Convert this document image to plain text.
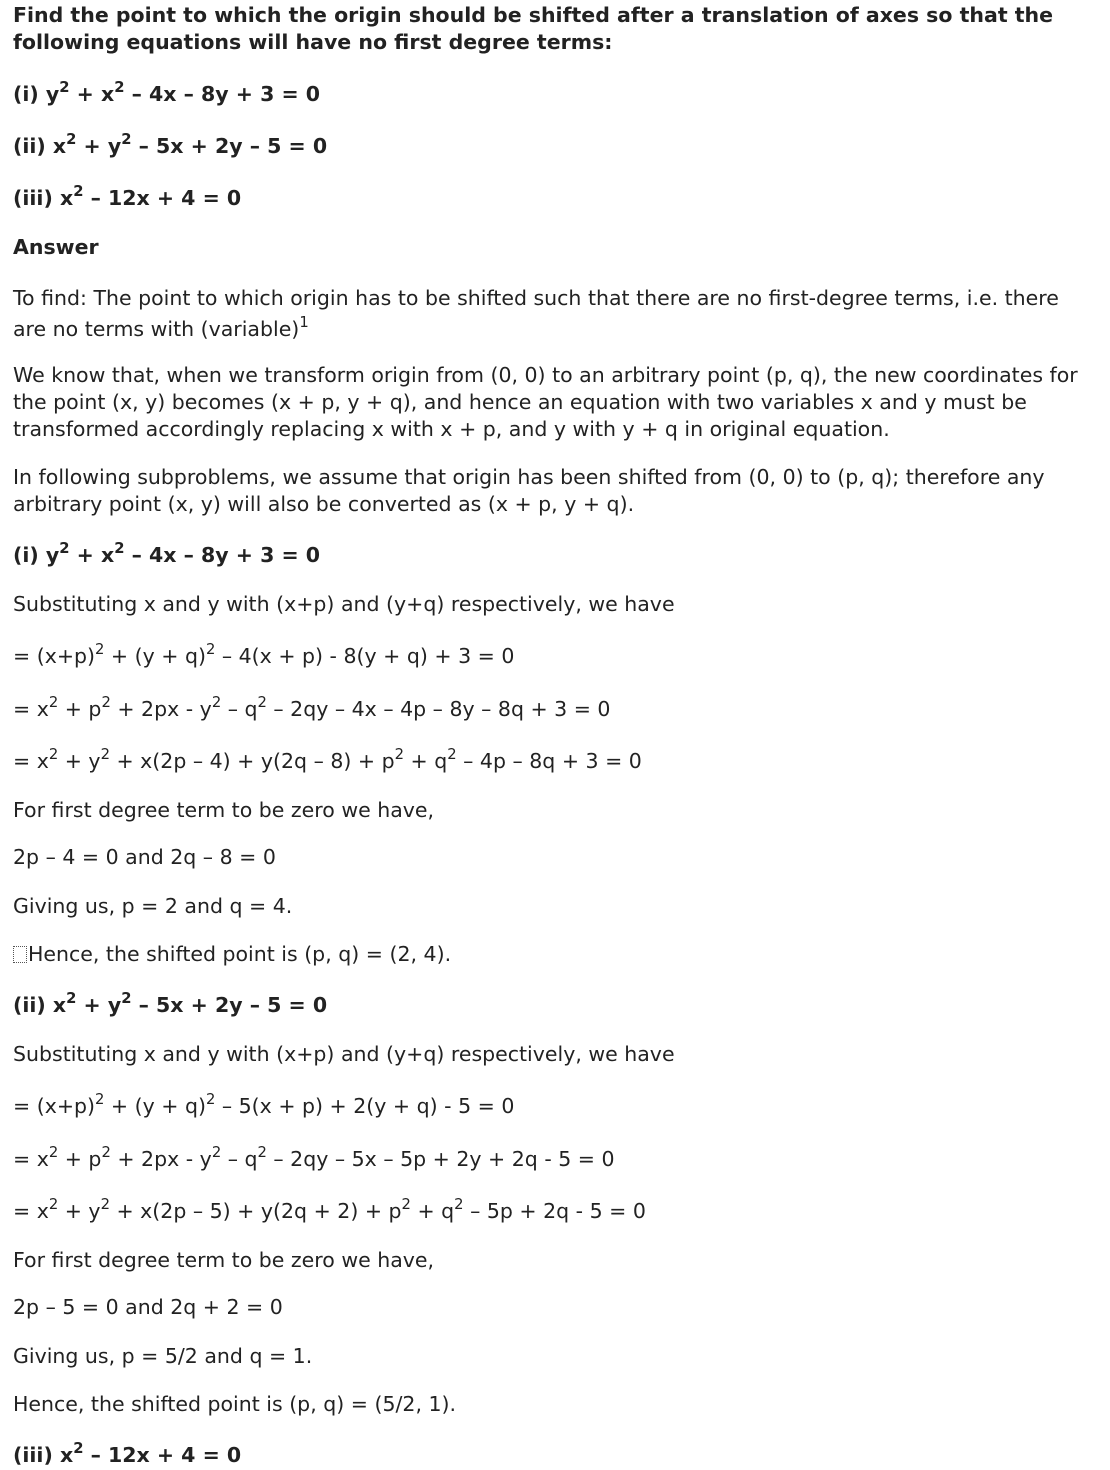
Find the point to which the origin should be shifted after a translation of axes so that the following equations will have no first degree terms:

(i) $y^2 + x^2 - 4x - 8y + 3 = 0$

(ii) $x^2 + y^2 - 5x + 2y - 5 = 0$

(iii) $x^2 - 12x + 4 = 0$

Answer

To find: The point to which origin has to be shifted such that there are no first-degree terms, i.e. there are no terms with (variable)$^1$

We know that, when we transform origin from (0, 0) to an arbitrary point (p, q), the new coordinates for the point (x, y) becomes (x + p, y + q), and hence an equation with two variables x and y must be transformed accordingly replacing x with x + p, and y with y + q in original equation.

In following subproblems, we assume that origin has been shifted from (0, 0) to (p, q); therefore any arbitrary point (x, y) will also be converted as (x + p, y + q).

(i) $y^2 + x^2 - 4x - 8y + 3 = 0$

Substituting x and y with (x+p) and (y+q) respectively, we have

= $(x+p)^2 + (y + q)^2 - 4(x + p) - 8(y + q) + 3 = 0$

= $x^2 + p^2 + 2px - y^2 - q^2 - 2qy - 4x - 4p - 8y - 8q + 3 = 0$

= $x^2 + y^2 + x(2p - 4) + y(2q - 8) + p^2 + q^2 - 4p - 8q + 3 = 0$

For first degree term to be zero we have,

2p – 4 = 0 and 2q – 8 = 0

Giving us, p = 2 and q = 4.

Hence, the shifted point is (p, q) = (2, 4).

(ii) $x^2 + y^2 - 5x + 2y - 5 = 0$

Substituting x and y with (x+p) and (y+q) respectively, we have

= $(x+p)^2 + (y + q)^2 - 5(x + p) + 2(y + q) - 5 = 0$

= $x^2 + p^2 + 2px - y^2 - q^2 - 2qy - 5x - 5p + 2y + 2q - 5 = 0$

= $x^2 + y^2 + x(2p - 5) + y(2q + 2) + p^2 + q^2 - 5p + 2q - 5 = 0$

For first degree term to be zero we have,

2p – 5 = 0 and 2q + 2 = 0

Giving us, p = 5/2 and q = 1.

Hence, the shifted point is (p, q) = (5/2, 1).

(iii) $x^2 - 12x + 4 = 0$
